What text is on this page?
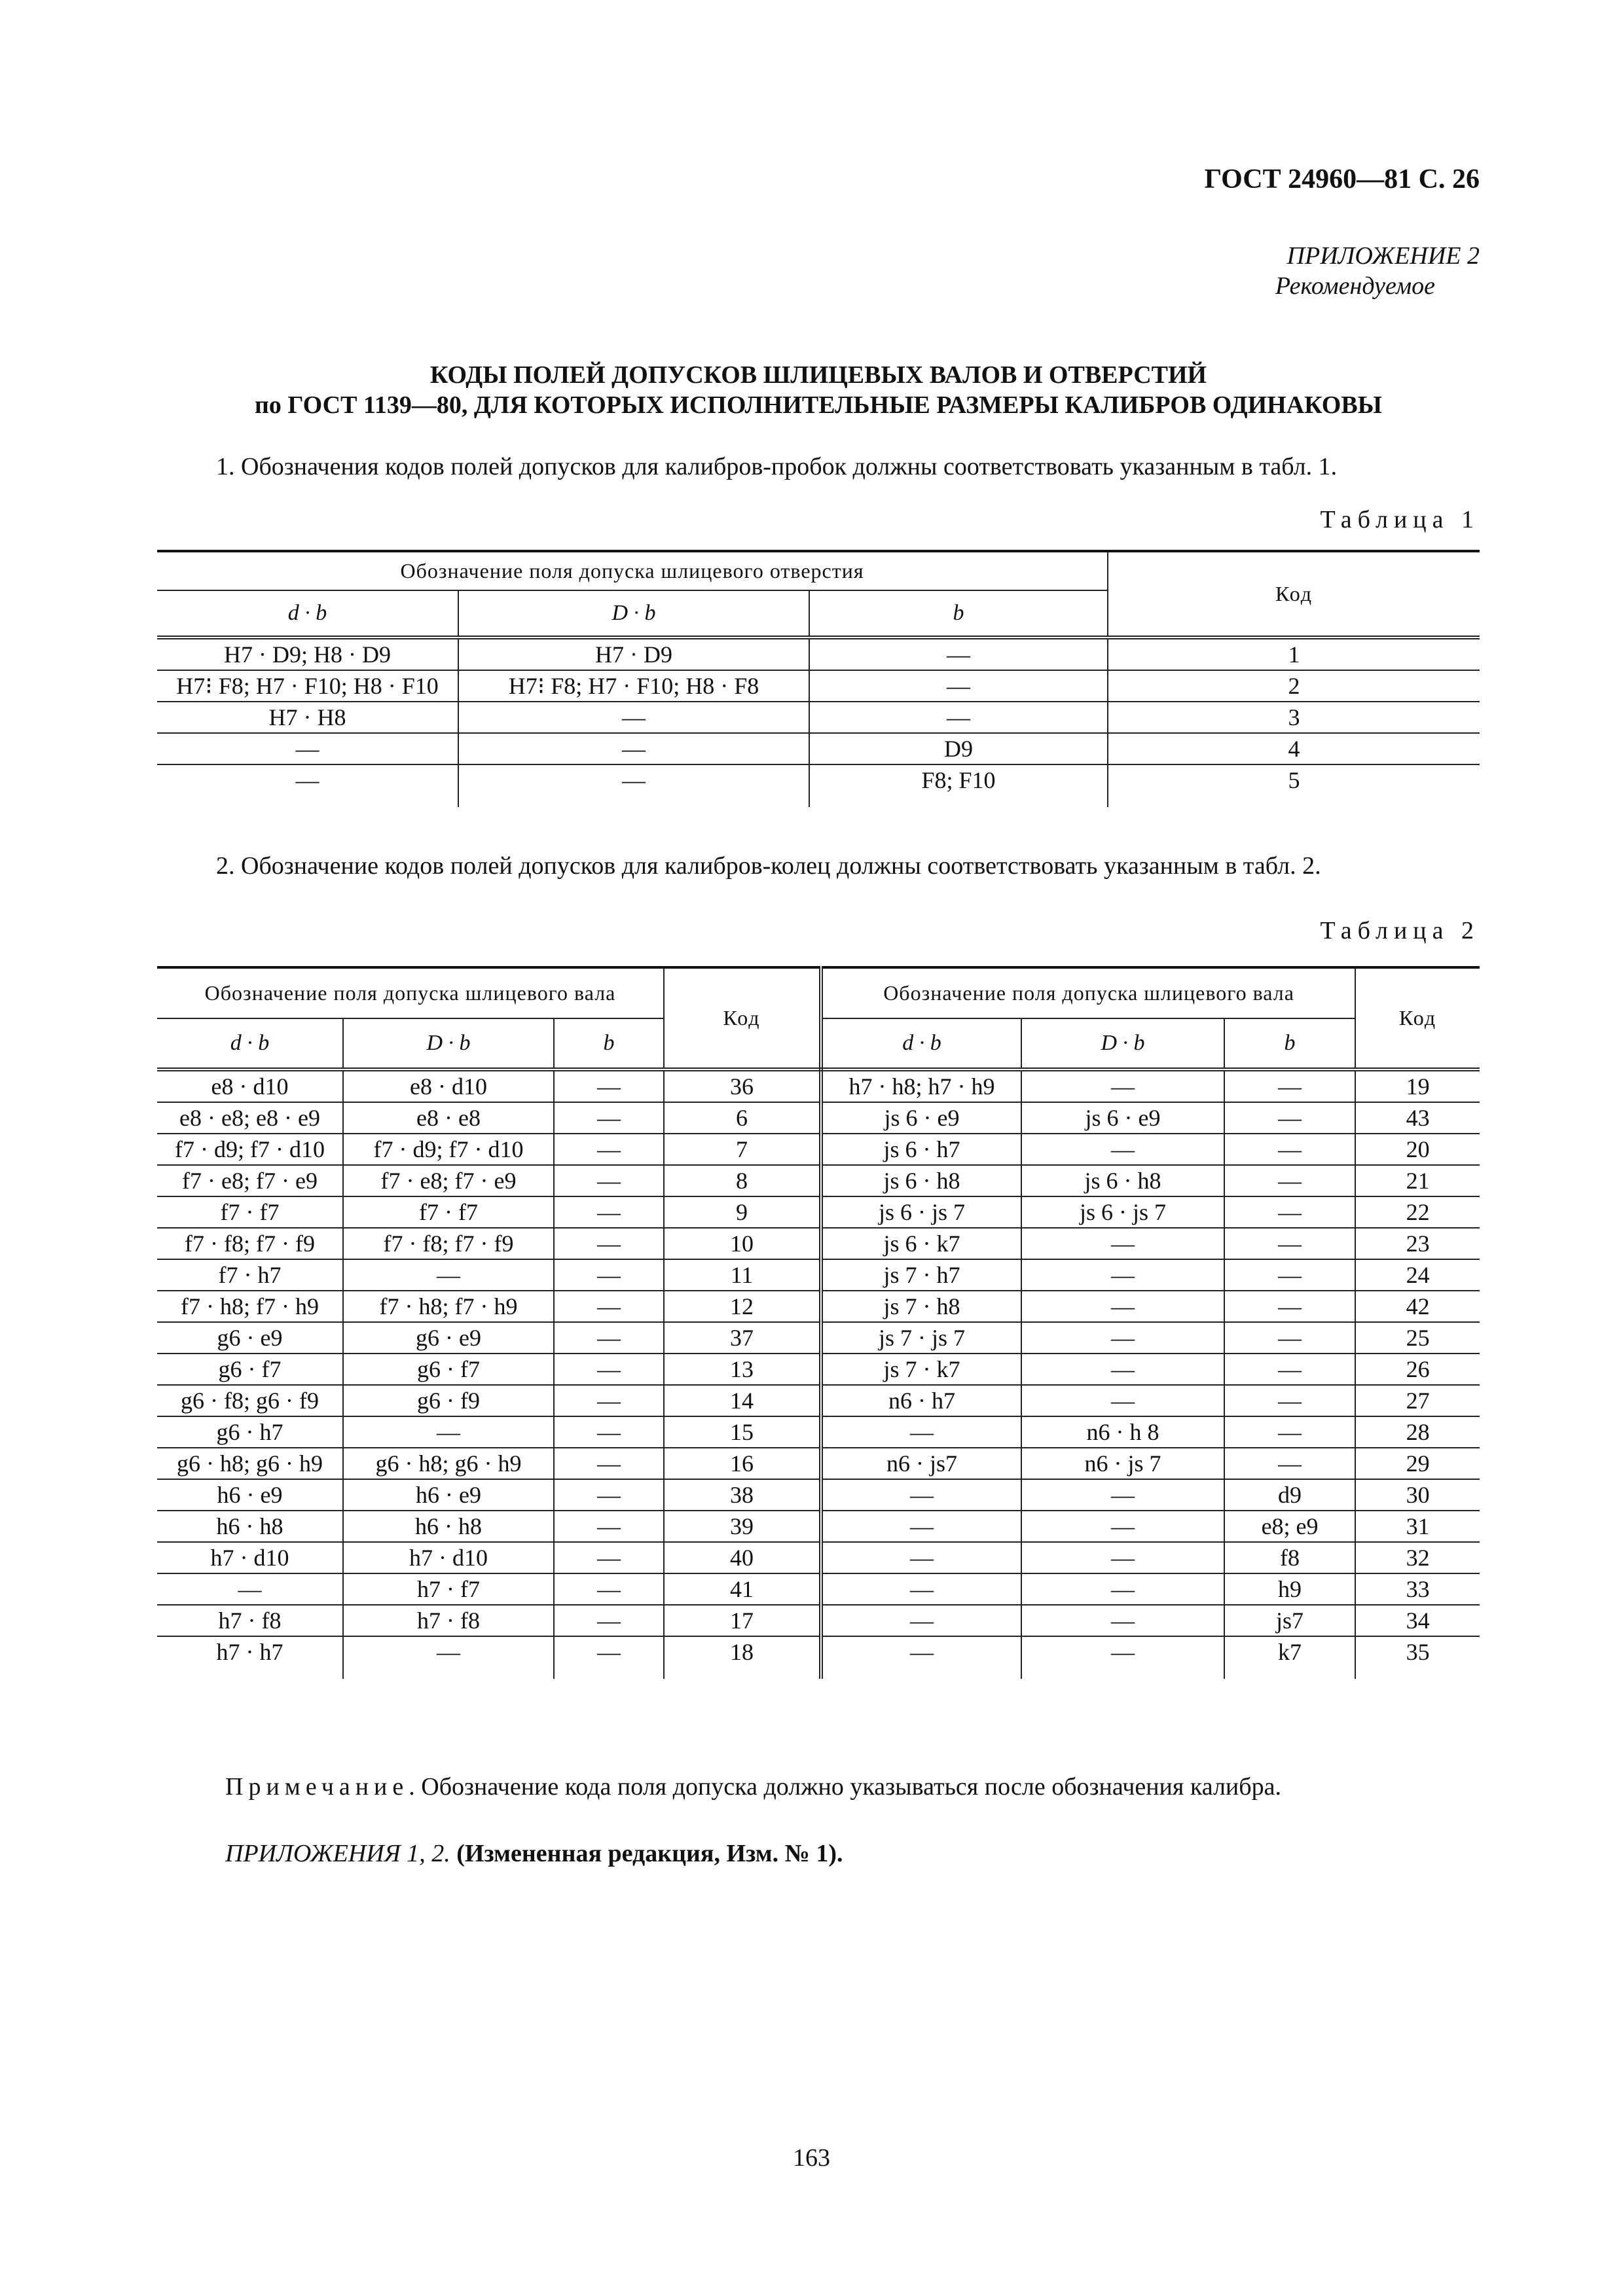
ГОСТ 24960—81 С. 26
ПРИЛОЖЕНИЕ 2
Рекомендуемое
КОДЫ ПОЛЕЙ ДОПУСКОВ ШЛИЦЕВЫХ ВАЛОВ И ОТВЕРСТИЙ
по ГОСТ 1139—80, ДЛЯ КОТОРЫХ ИСПОЛНИТЕЛЬНЫЕ РАЗМЕРЫ КАЛИБРОВ ОДИНАКОВЫ
1. Обозначения кодов полей допусков для калибров-пробок должны соответствовать указанным в табл. 1.
Таблица 1
Обозначение поля допуска шлицевого отверстия			Код
d · b	D · b	b	
H7 · D9; H8 · D9	H7 · D9	—	1
H7⁝ F8; H7 · F10; H8 · F10	H7⁝ F8; H7 · F10; H8 · F8	—	2
H7 · H8	—	—	3
—	—	D9	4
—	—	F8; F10	5
2. Обозначение кодов полей допусков для калибров-колец должны соответствовать указанным в табл. 2.
Таблица 2
Обозначение поля допуска шлицевого вала			Код	Обозначение поля допуска шлицевого вала			Код
d · b	D · b	b		d · b	D · b	b	
e8 · d10	e8 · d10	—	36	h7 · h8; h7 · h9	—	—	19
e8 · e8; e8 · e9	e8 · e8	—	6	js 6 · e9	js 6 · e9	—	43
f7 · d9; f7 · d10	f7 · d9; f7 · d10	—	7	js 6 · h7	—	—	20
f7 · e8; f7 · e9	f7 · e8; f7 · e9	—	8	js 6 · h8	js 6 · h8	—	21
f7 · f7	f7 · f7	—	9	js 6 · js 7	js 6 · js 7	—	22
f7 · f8; f7 · f9	f7 · f8; f7 · f9	—	10	js 6 · k7	—	—	23
f7 · h7	—	—	11	js 7 · h7	—	—	24
f7 · h8; f7 · h9	f7 · h8; f7 · h9	—	12	js 7 · h8	—	—	42
g6 · e9	g6 · e9	—	37	js 7 · js 7	—	—	25
g6 · f7	g6 · f7	—	13	js 7 · k7	—	—	26
g6 · f8; g6 · f9	g6 · f9	—	14	n6 · h7	—	—	27
g6 · h7	—	—	15	—	n6 · h 8	—	28
g6 · h8; g6 · h9	g6 · h8; g6 · h9	—	16	n6 · js7	n6 · js 7	—	29
h6 · e9	h6 · e9	—	38	—	—	d9	30
h6 · h8	h6 · h8	—	39	—	—	e8; e9	31
h7 · d10	h7 · d10	—	40	—	—	f8	32
—	h7 · f7	—	41	—	—	h9	33
h7 · f8	h7 · f8	—	17	—	—	js7	34
h7 · h7	—	—	18	—	—	k7	35
Примечание. Обозначение кода поля допуска должно указываться после обозначения калибра.
ПРИЛОЖЕНИЯ 1, 2. (Измененная редакция, Изм. № 1).
163
